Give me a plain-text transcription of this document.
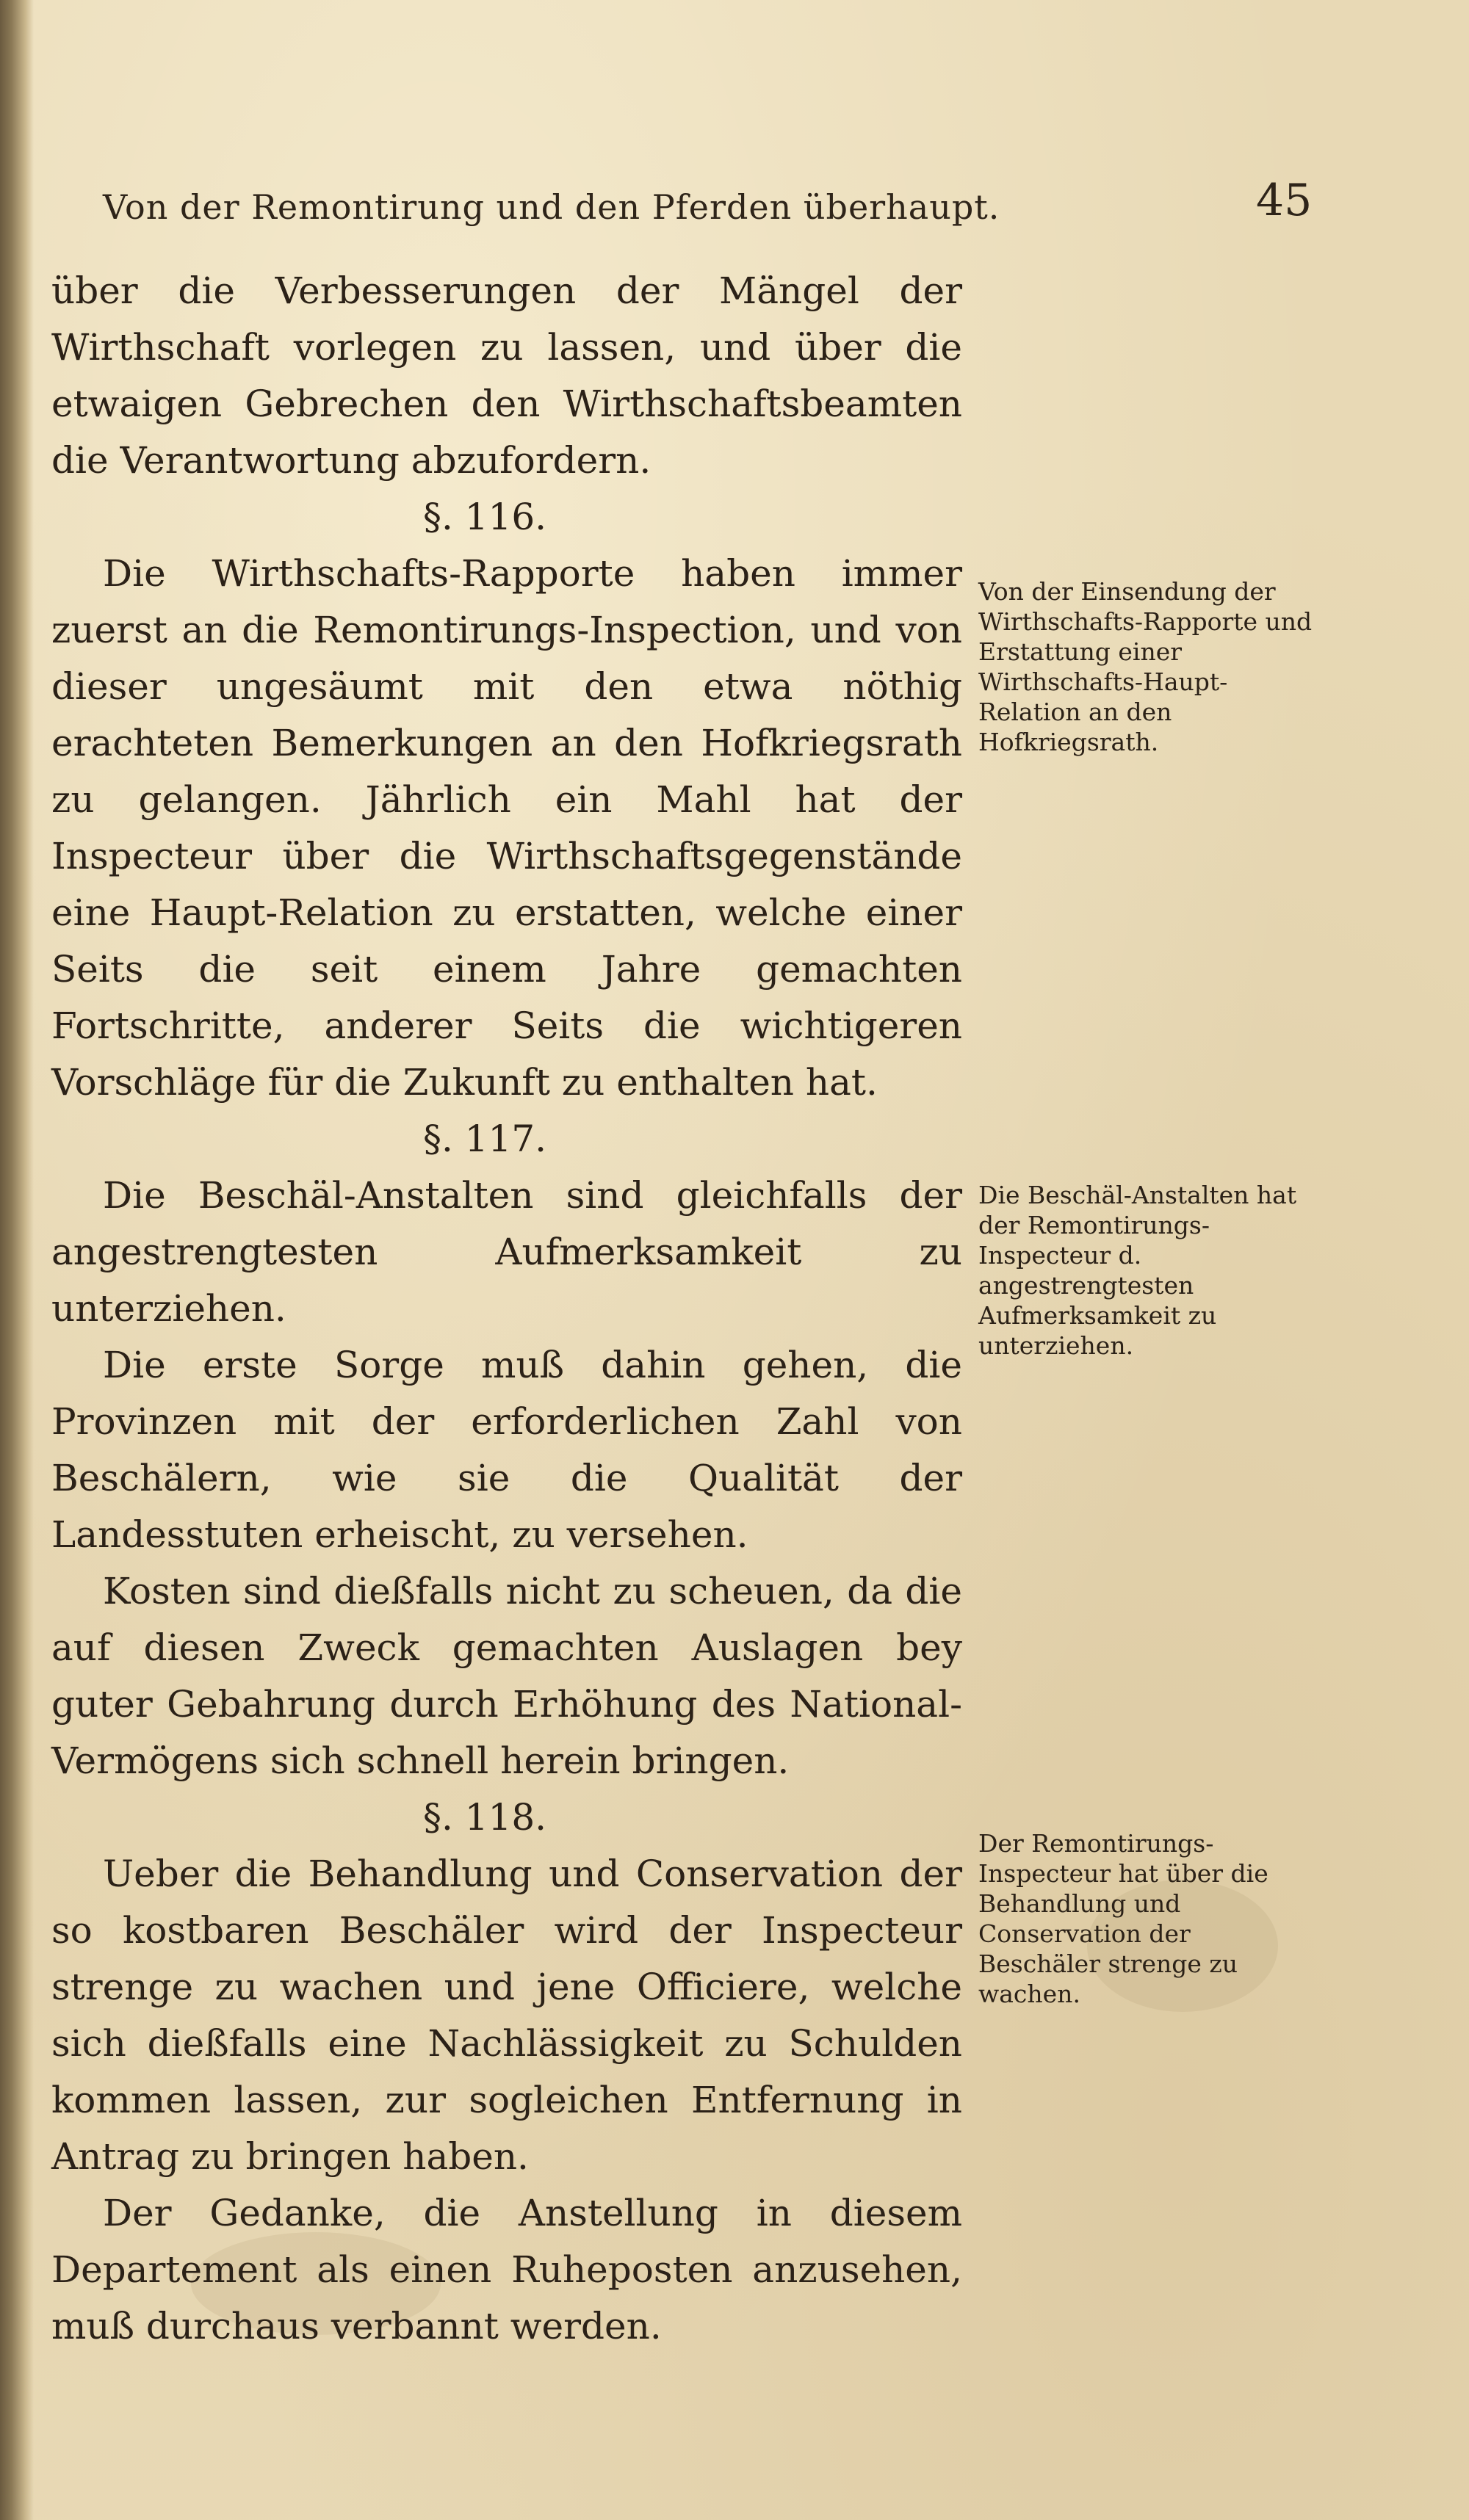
Von der Remontirung und den Pferden überhaupt.	45

über die Verbesserungen der Mängel der Wirthschaft vorlegen zu lassen, und über die etwaigen Gebrechen den Wirthschaftsbeamten die Verantwortung abzufordern.

§. 116.

Die Wirthschafts-Rapporte haben immer zuerst an die Remontirungs-Inspection, und von dieser ungesäumt mit den etwa nöthig erachteten Bemerkungen an den Hofkriegsrath zu gelangen. Jährlich ein Mahl hat der Inspecteur über die Wirthschaftsgegenstände eine Haupt-Relation zu erstatten, welche einer Seits die seit einem Jahre gemachten Fortschritte, anderer Seits die wichtigeren Vorschläge für die Zukunft zu enthalten hat.

§. 117.

Die Beschäl-Anstalten sind gleichfalls der angestrengtesten Aufmerksamkeit zu unterziehen.

Die erste Sorge muß dahin gehen, die Provinzen mit der erforderlichen Zahl von Beschälern, wie sie die Qualität der Landesstuten erheischt, zu versehen.

Kosten sind dießfalls nicht zu scheuen, da die auf diesen Zweck gemachten Auslagen bey guter Gebahrung durch Erhöhung des National-Vermögens sich schnell herein bringen.

§. 118.

Ueber die Behandlung und Conservation der so kostbaren Beschäler wird der Inspecteur strenge zu wachen und jene Officiere, welche sich dießfalls eine Nachlässigkeit zu Schulden kommen lassen, zur sogleichen Entfernung in Antrag zu bringen haben.

Der Gedanke, die Anstellung in diesem Departement als einen Ruheposten anzusehen, muß durchaus verbannt werden.

Von der Einsendung der Wirthschafts-Rapporte und Erstattung einer Wirthschafts-Haupt-Relation an den Hofkriegsrath.
Die Beschäl-Anstalten hat der Remontirungs-Inspecteur d. angestrengtesten Aufmerksamkeit zu unterziehen.
Der Remontirungs-Inspecteur hat über die Behandlung und Conservation der Beschäler strenge zu wachen.
